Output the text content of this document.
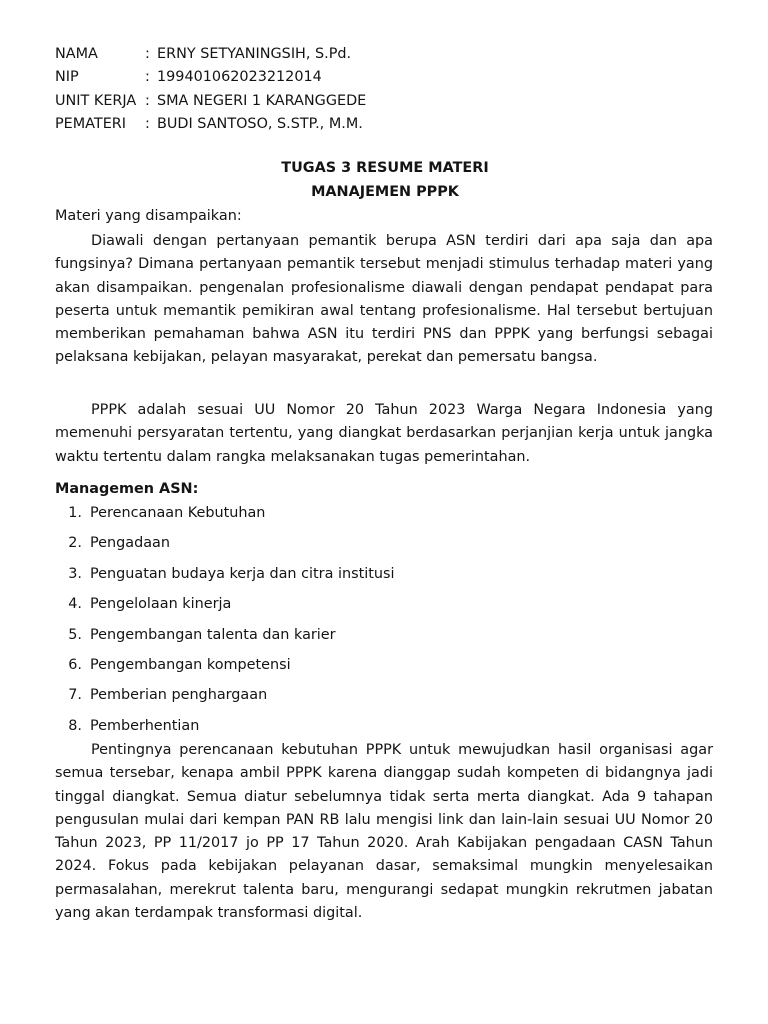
NAMA	: ERNY SETYANINGSIH, S.Pd.
NIP	: 199401062023212014
UNIT KERJA : SMA NEGERI 1 KARANGGEDE
PEMATERI	: BUDI SANTOSO, S.STP., M.M.
TUGAS 3 RESUME MATERI
MANAJEMEN PPPK
Materi yang disampaikan:

Diawali dengan pertanyaan pemantik berupa ASN terdiri dari apa saja dan apa fungsinya? Dimana pertanyaan pemantik tersebut menjadi stimulus terhadap materi yang akan disampaikan. pengenalan profesionalisme diawali dengan pendapat pendapat para peserta untuk memantik pemikiran awal tentang profesionalisme. Hal tersebut bertujuan memberikan pemahaman bahwa ASN itu terdiri PNS dan PPPK yang berfungsi sebagai pelaksana kebijakan, pelayan masyarakat, perekat dan pemersatu bangsa.

PPPK adalah sesuai UU Nomor 20 Tahun 2023 Warga Negara Indonesia yang memenuhi persyaratan tertentu, yang diangkat berdasarkan perjanjian kerja untuk jangka waktu tertentu dalam rangka melaksanakan tugas pemerintahan.

Managemen ASN:
1. Perencanaan Kebutuhan
2. Pengadaan
3. Penguatan budaya kerja dan citra institusi
4. Pengelolaan kinerja
5. Pengembangan talenta dan karier
6. Pengembangan kompetensi
7. Pemberian penghargaan
8. Pemberhentian

Pentingnya perencanaan kebutuhan PPPK untuk mewujudkan hasil organisasi agar semua tersebar, kenapa ambil PPPK karena dianggap sudah kompeten di bidangnya jadi tinggal diangkat. Semua diatur sebelumnya tidak serta merta diangkat. Ada 9 tahapan pengusulan mulai dari kempan PAN RB lalu mengisi link dan lain-lain sesuai UU Nomor 20 Tahun 2023, PP 11/2017 jo PP 17 Tahun 2020. Arah Kabijakan pengadaan CASN Tahun 2024. Fokus pada kebijakan pelayanan dasar, semaksimal mungkin menyelesaikan permasalahan, merekrut talenta baru, mengurangi sedapat mungkin rekrutmen jabatan yang akan terdampak transformasi digital.
